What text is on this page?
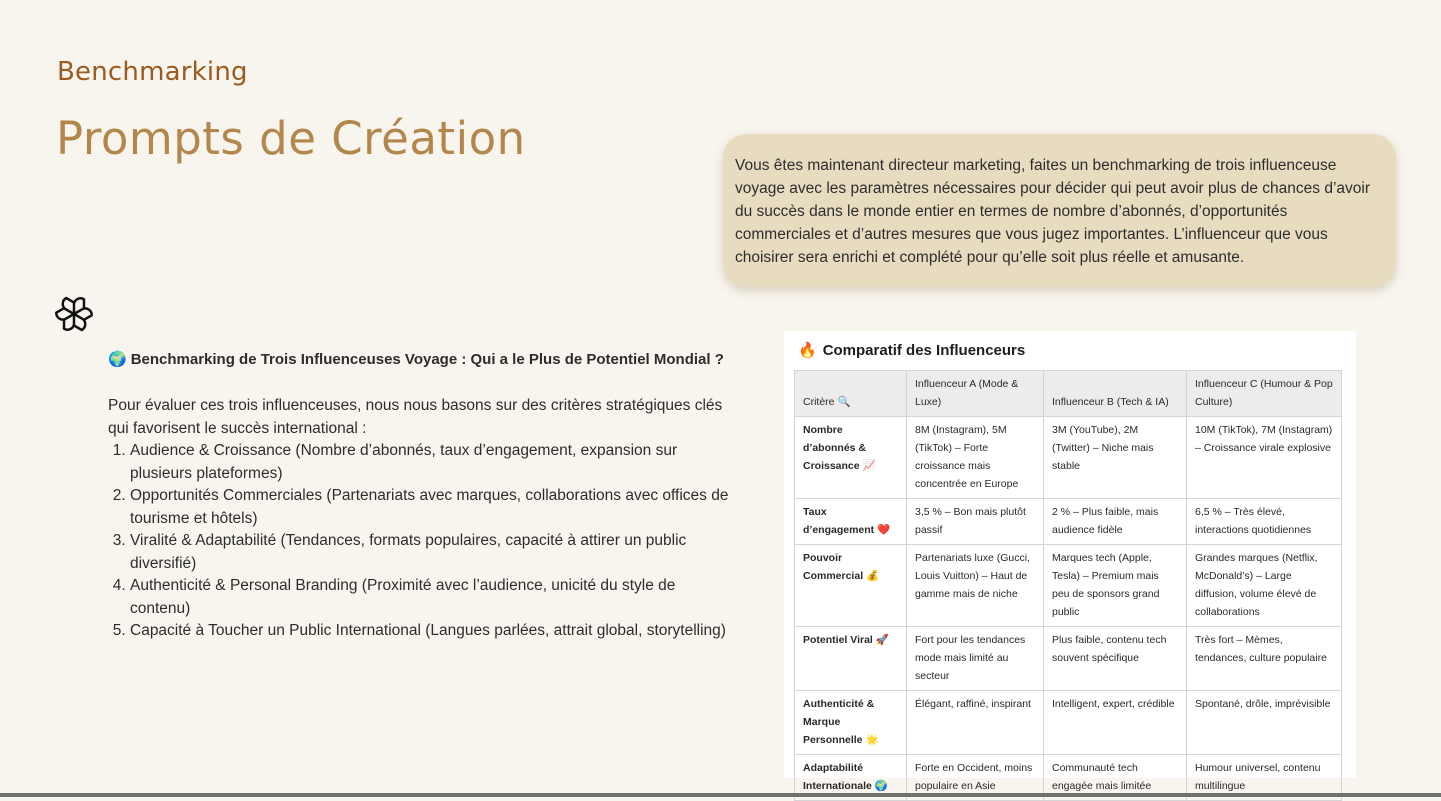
Benchmarking
Prompts de Création
Vous êtes maintenant directeur marketing, faites un benchmarking de trois influenceuse voyage avec les paramètres nécessaires pour décider qui peut avoir plus de chances d’avoir du succès dans le monde entier en termes de nombre d’abonnés, d’opportunités commerciales et d’autres mesures que vous jugez importantes. L’influenceur que vous choisirer sera enrichi et complété pour qu’elle soit plus réelle et amusante.

🌍 Benchmarking de Trois Influenceuses Voyage : Qui a le Plus de Potentiel Mondial ?

Pour évaluer ces trois influenceuses, nous nous basons sur des critères stratégiques clés qui favorisent le succès international :

1. Audience & Croissance (Nombre d’abonnés, taux d’engagement, expansion sur plusieurs plateformes)
2. Opportunités Commerciales (Partenariats avec marques, collaborations avec offices de tourisme et hôtels)
3. Viralité & Adaptabilité (Tendances, formats populaires, capacité à attirer un public diversifié)
4. Authenticité & Personal Branding (Proximité avec l’audience, unicité du style de contenu)
5. Capacité à Toucher un Public International (Langues parlées, attrait global, storytelling)
🔥 Comparatif des Influenceurs
Critère 🔍	Influenceur A (Mode & Luxe)	Influenceur B (Tech & IA)	Influenceur C (Humour & Pop Culture)
Nombre d’abonnés & Croissance 📈	8M (Instagram), 5M (TikTok) – Forte croissance mais concentrée en Europe	3M (YouTube), 2M (Twitter) – Niche mais stable	10M (TikTok), 7M (Instagram) – Croissance virale explosive
Taux d’engagement ❤️	3,5 % – Bon mais plutôt passif	2 % – Plus faible, mais audience fidèle	6,5 % – Très élevé, interactions quotidiennes
Pouvoir Commercial 💰	Partenariats luxe (Gucci, Louis Vuitton) – Haut de gamme mais de niche	Marques tech (Apple, Tesla) – Premium mais peu de sponsors grand public	Grandes marques (Netflix, McDonald’s) – Large diffusion, volume élevé de collaborations
Potentiel Viral 🚀	Fort pour les tendances mode mais limité au secteur	Plus faible, contenu tech souvent spécifique	Très fort – Mèmes, tendances, culture populaire
Authenticité & Marque Personnelle 🌟	Élégant, raffiné, inspirant	Intelligent, expert, crédible	Spontané, drôle, imprévisible
Adaptabilité Internationale 🌍	Forte en Occident, moins populaire en Asie	Communauté tech engagée mais limitée	Humour universel, contenu multilingue
